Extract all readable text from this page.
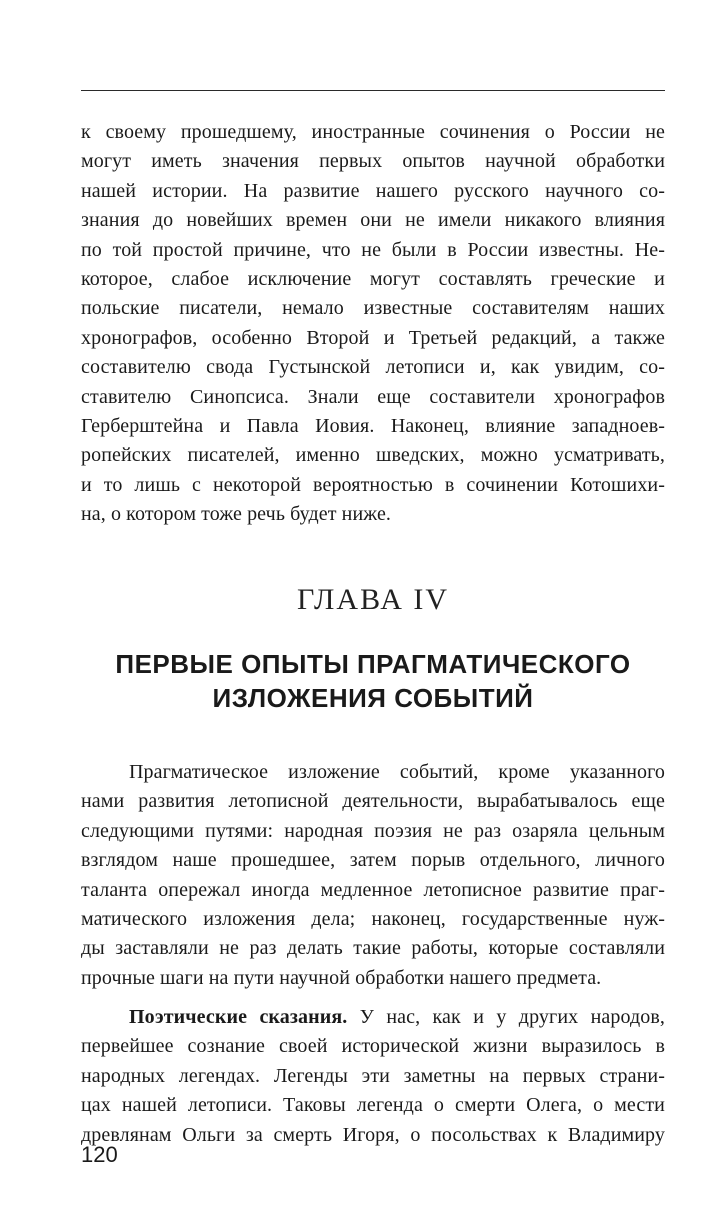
к своему прошедшему, иностранные сочинения о России не
могут иметь значения первых опытов научной обработки
нашей истории. На развитие нашего русского научного со-
знания до новейших времен они не имели никакого влияния
по той простой причине, что не были в России известны. Не-
которое, слабое исключение могут составлять греческие и
польские писатели, немало известные составителям наших
хронографов, особенно Второй и Третьей редакций, а также
составителю свода Густынской летописи и, как увидим, со-
ставителю Синопсиса. Знали еще составители хронографов
Герберштейна и Павла Иовия. Наконец, влияние западноев-
ропейских писателей, именно шведских, можно усматривать,
и то лишь с некоторой вероятностью в сочинении Котошихи-
на, о котором тоже речь будет ниже.
ГЛАВА IV
ПЕРВЫЕ ОПЫТЫ ПРАГМАТИЧЕСКОГО
ИЗЛОЖЕНИЯ СОБЫТИЙ
Прагматическое изложение событий, кроме указанного
нами развития летописной деятельности, вырабатывалось еще
следующими путями: народная поэзия не раз озаряла цельным
взглядом наше прошедшее, затем порыв отдельного, личного
таланта опережал иногда медленное летописное развитие праг-
матического изложения дела; наконец, государственные нуж-
ды заставляли не раз делать такие работы, которые составляли
прочные шаги на пути научной обработки нашего предмета.
Поэтические сказания. У нас, как и у других народов,
первейшее сознание своей исторической жизни выразилось в
народных легендах. Легенды эти заметны на первых страни-
цах нашей летописи. Таковы легенда о смерти Олега, о мести
древлянам Ольги за смерть Игоря, о посольствах к Владимиру
120
